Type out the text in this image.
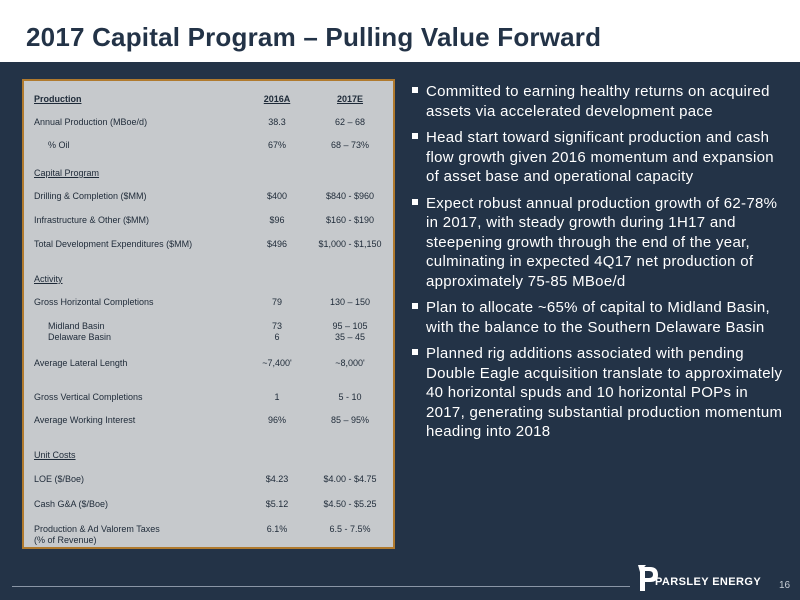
2017 Capital Program – Pulling Value Forward
Production	2016A	2017E
Annual Production (MBoe/d)	38.3	62 – 68
% Oil	67%	68 – 73%
Capital Program
Drilling & Completion ($MM)	$400	$840 - $960
Infrastructure & Other ($MM)	$96	$160 - $190
Total Development Expenditures ($MM)	$496	$1,000 - $1,150
Activity
Gross Horizontal Completions	79	130 – 150
Midland Basin	73	95 – 105
Delaware Basin	6	35 – 45
Average Lateral Length	~7,400'	~8,000'
Gross Vertical Completions	1	5 - 10
Average Working Interest	96%	85 – 95%
Unit Costs
LOE ($/Boe)	$4.23	$4.00 - $4.75
Cash G&A ($/Boe)	$5.12	$4.50 - $5.25
Production & Ad Valorem Taxes	6.1%	6.5 - 7.5%
(% of Revenue)
Committed to earning healthy returns on acquired assets via accelerated development pace
Head start toward significant production and cash flow growth given 2016 momentum and expansion of asset base and operational capacity
Expect robust annual production growth of 62-78% in 2017, with steady growth during 1H17 and steepening growth through the end of the year, culminating in expected 4Q17 net production of approximately 75-85 MBoe/d
Plan to allocate ~65% of capital to Midland Basin, with the balance to the Southern Delaware Basin
Planned rig additions associated with pending Double Eagle acquisition translate to approximately 40 horizontal spuds and 10 horizontal POPs in 2017, generating substantial production momentum heading into 2018
PARSLEY ENERGY 16
